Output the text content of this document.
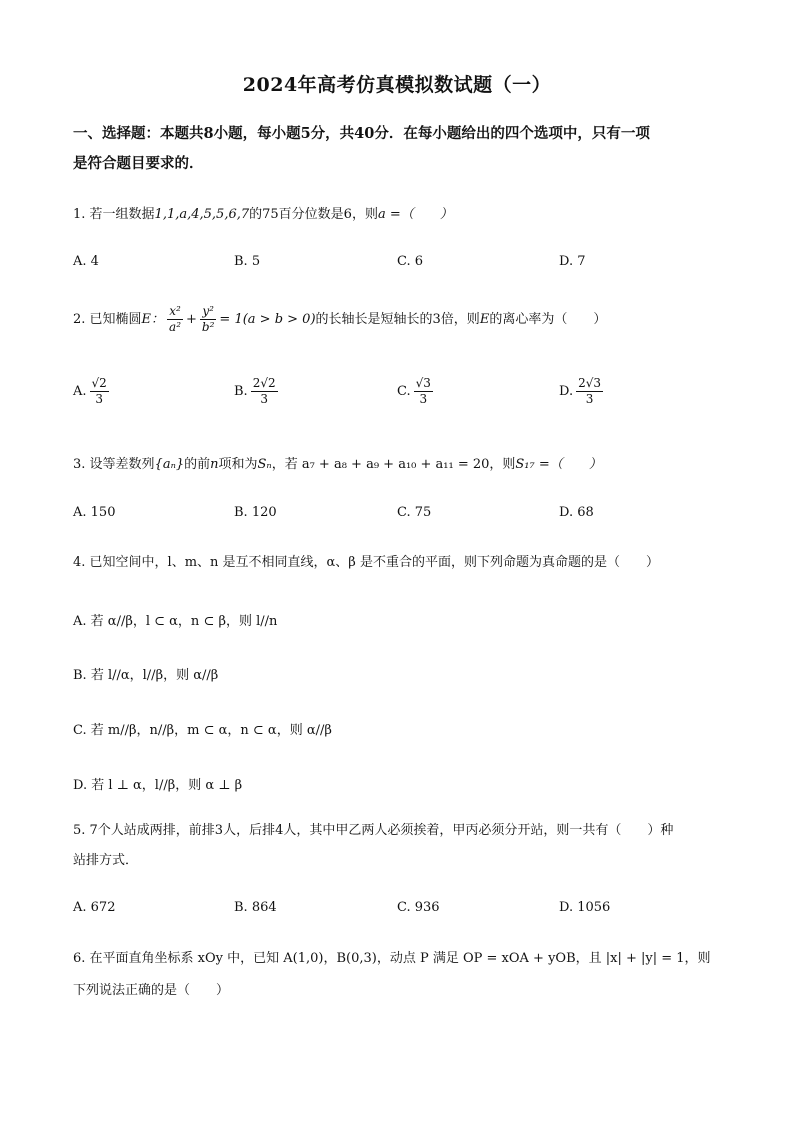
2024年高考仿真模拟数试题（一）
一、选择题：本题共8小题，每小题5分，共40分．在每小题给出的四个选项中，只有一项
是符合题目要求的．
1. 若一组数据1,1,a,4,5,5,6,7的75百分位数是6，则a =（　　）
A. 4	B. 5	C. 6	D. 7
2. 已知椭圆E： $\frac{\text{x²}}{\text{a²}} + \frac{\text{y²}}{\text{b²}} = 1(a > b > 0)$的长轴长是短轴长的3倍，则E的离心率为（　　）
A. $\frac{√2}{3}$	B. $\frac{2√2}{3}$	C. $\frac{√3}{3}$	D. $\frac{2√3}{3}$
3. 设等差数列{aₙ}的前n项和为Sₙ，若 a₇ + a₈ + a₉ + a₁₀ + a₁₁ = 20，则S₁₇ =（　　）
A. 150	B. 120	C. 75	D. 68
4. 已知空间中，l、m、n 是互不相同直线，α、β 是不重合的平面，则下列命题为真命题的是（　　）
A. 若 α//β，l ⊂ α，n ⊂ β，则 l//n
B. 若 l//α，l//β，则 α//β
C. 若 m//β，n//β，m ⊂ α，n ⊂ α，则 α//β
D. 若 l ⊥ α，l//β，则 α ⊥ β
5. 7个人站成两排，前排3人，后排4人，其中甲乙两人必须挨着，甲丙必须分开站，则一共有（　　）种
站排方式．
A. 672	B. 864	C. 936	D. 1056
6. 在平面直角坐标系 xOy 中，已知 A(1,0)，B(0,3)，动点 P 满足 OP = xOA + yOB，且 |x| + |y| = 1，则
下列说法正确的是（　　）
